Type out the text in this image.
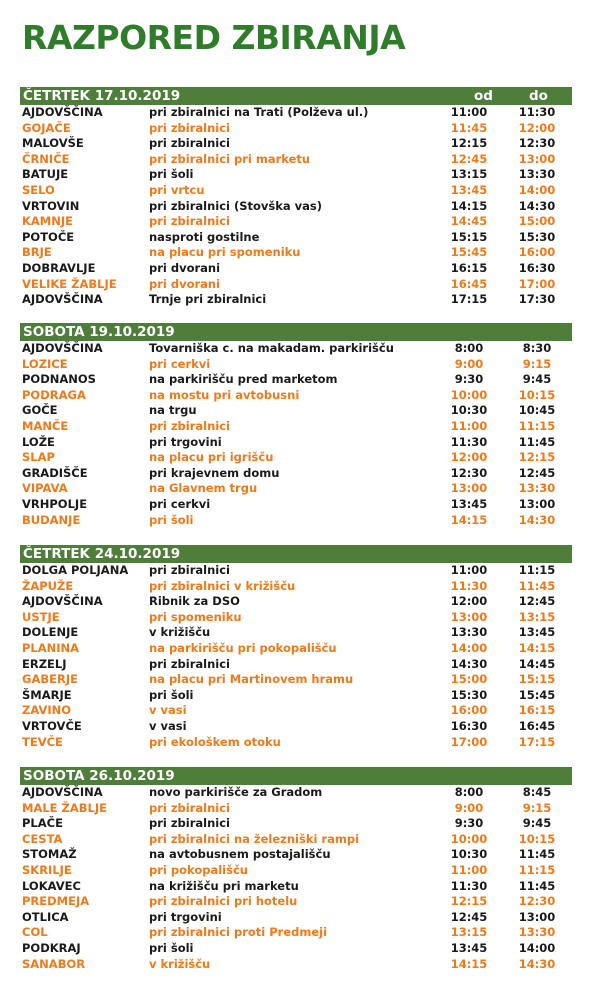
RAZPORED ZBIRANJA
ČETRTEK 17.10.2019	od	do
AJDOVŠČINA	pri zbiralnici na Trati (Polževa ul.)	11:00	11:30
GOJAČE	pri zbiralnici	11:45	12:00
MALOVŠE	pri zbiralnici	12:15	12:30
ČRNIČE	pri zbiralnici pri marketu	12:45	13:00
BATUJE	pri šoli	13:15	13:30
SELO	pri vrtcu	13:45	14:00
VRTOVIN	pri zbiralnici (Stovška vas)	14:15	14:30
KAMNJE	pri zbiralnici	14:45	15:00
POTOČE	nasproti gostilne	15:15	15:30
BRJE	na placu pri spomeniku	15:45	16:00
DOBRAVLJE	pri dvorani	16:15	16:30
VELIKE ŽABLJE	pri dvorani	16:45	17:00
AJDOVŠČINA	Trnje pri zbiralnici	17:15	17:30
SOBOTA 19.10.2019
AJDOVŠČINA	Tovarniška c. na makadam. parkirišču	8:00	8:30
LOZICE	pri cerkvi	9:00	9:15
PODNANOS	na parkirišču pred marketom	9:30	9:45
PODRAGA	na mostu pri avtobusni	10:00	10:15
GOČE	na trgu	10:30	10:45
MANČE	pri zbiralnici	11:00	11:15
LOŽE	pri trgovini	11:30	11:45
SLAP	na placu pri igrišču	12:00	12:15
GRADIŠČE	pri krajevnem domu	12:30	12:45
VIPAVA	na Glavnem trgu	13:00	13:30
VRHPOLJE	pri cerkvi	13:45	13:00
BUDANJE	pri šoli	14:15	14:30
ČETRTEK 24.10.2019
DOLGA POLJANA pri zbiralnici	11:00	11:15
ŽAPUŽE	pri zbiralnici v križišču	11:30	11:45
AJDOVŠČINA	Ribnik za DSO	12:00	12:45
USTJE	pri spomeniku	13:00	13:15
DOLENJE	v križišču	13:30	13:45
PLANINA	na parkirišču pri pokopališču	14:00	14:15
ERZELJ	pri zbiralnici	14:30	14:45
GABERJE	na placu pri Martinovem hramu	15:00	15:15
ŠMARJE	pri šoli	15:30	15:45
ZAVINO	v vasi	16:00	16:15
VRTOVČE	v vasi	16:30	16:45
TEVČE	pri ekološkem otoku	17:00	17:15
SOBOTA 26.10.2019
AJDOVŠČINA	novo parkirišče za Gradom	8:00	8:45
MALE ŽABLJE	pri zbiralnici	9:00	9:15
PLAČE	pri zbiralnici	9:30	9:45
CESTA	pri zbiralnici na železniški rampi	10:00	10:15
STOMAŽ	na avtobusnem postajališču	10:30	11:45
SKRILJE	pri pokopališču	11:00	11:15
LOKAVEC	na križišču pri marketu	11:30	11:45
PREDMEJA	pri zbiralnici pri hotelu	12:15	12:30
OTLICA	pri trgovini	12:45	13:00
COL	pri zbiralnici proti Predmeji	13:15	13:30
PODKRAJ	pri šoli	13:45	14:00
SANABOR	v križišču	14:15	14:30
